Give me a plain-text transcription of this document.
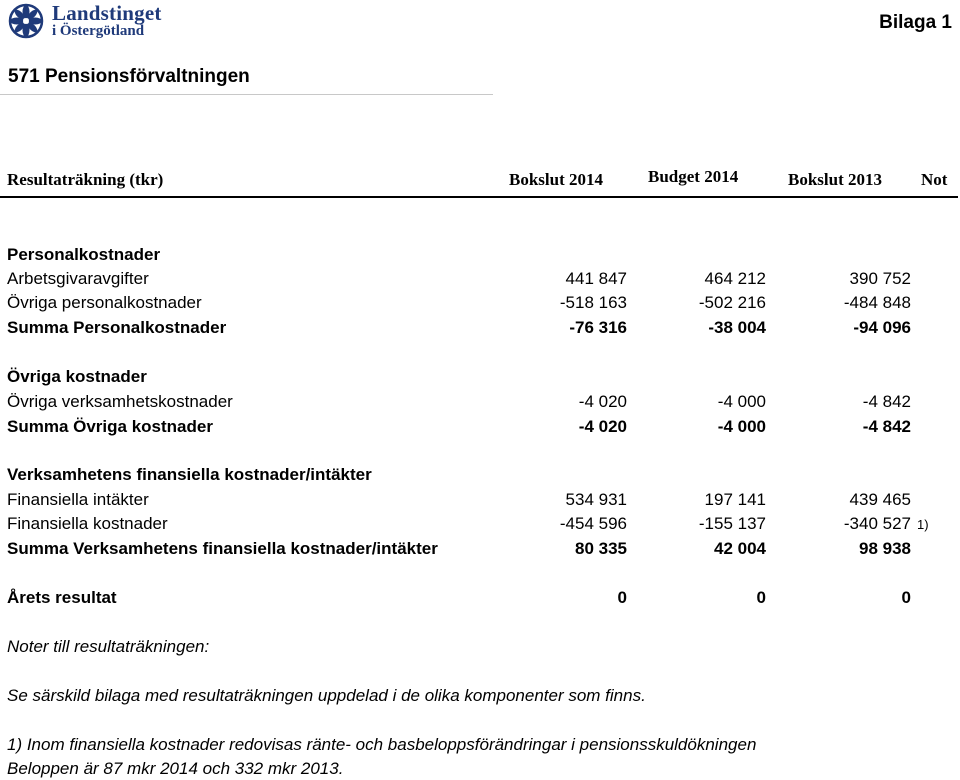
Landstinget
i Östergötland	Bilaga 1
571 Pensionsförvaltningen
Resultaträkning (tkr)	Bokslut 2014	Budget 2014	Bokslut 2013 Not
Personalkostnader
Arbetsgivaravgifter	441 847	464 212	390 752
Övriga personalkostnader	-518 163	-502 216	-484 848
Summa Personalkostnader	-76 316	-38 004	-94 096
Övriga kostnader
Övriga verksamhetskostnader	-4 020	-4 000	-4 842
Summa Övriga kostnader	-4 020	-4 000	-4 842
Verksamhetens finansiella kostnader/intäkter
Finansiella intäkter	534 931	197 141	439 465
Finansiella kostnader	-454 596	-155 137	-340 527 1)
Summa Verksamhetens finansiella kostnader/intäkter	80 335	42 004	98 938
Årets resultat	0	0	0
Noter till resultaträkningen:
Se särskild bilaga med resultaträkningen uppdelad i de olika komponenter som finns.
1) Inom finansiella kostnader redovisas ränte- och basbeloppsförändringar i pensionsskuldökningen
Beloppen är 87 mkr 2014 och 332 mkr 2013.
